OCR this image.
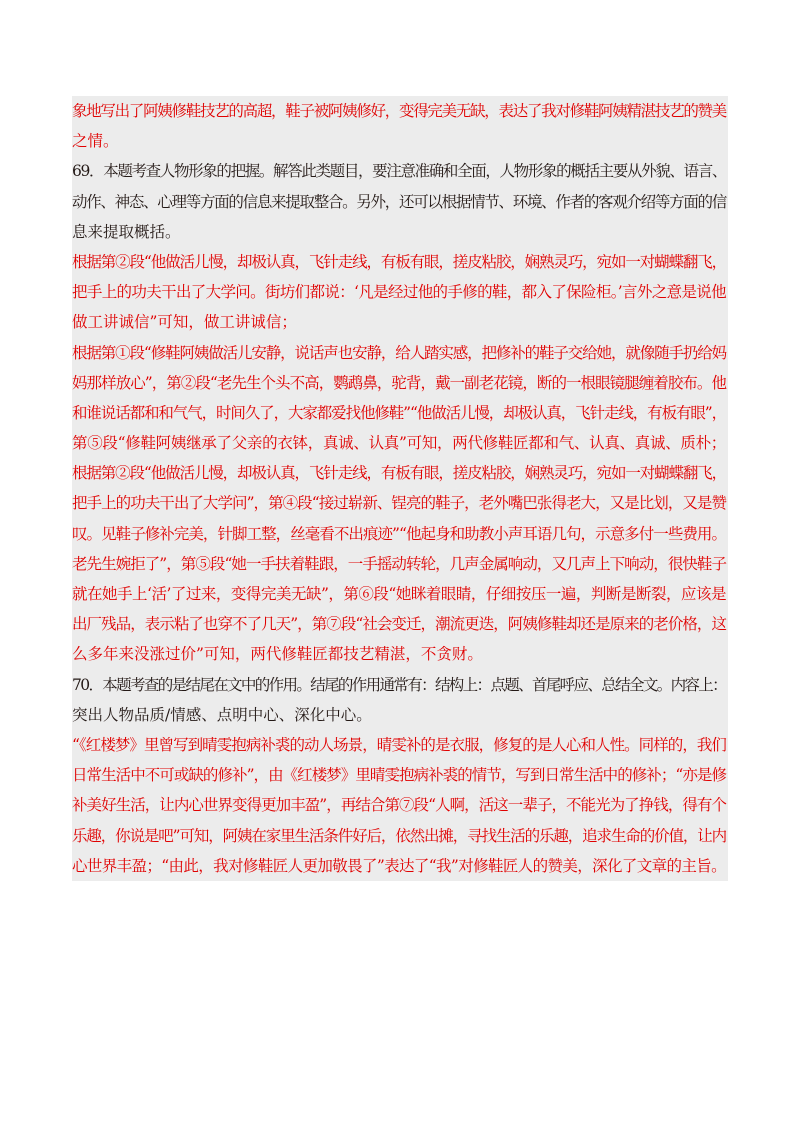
象地写出了阿姨修鞋技艺的高超，鞋子被阿姨修好，变得完美无缺，表达了我对修鞋阿姨精湛技艺的赞美
之情。
69．本题考查人物形象的把握。解答此类题目，要注意准确和全面，人物形象的概括主要从外貌、语言、
动作、神态、心理等方面的信息来提取整合。另外，还可以根据情节、环境、作者的客观介绍等方面的信
息来提取概括。
根据第②段“他做活儿慢，却极认真，飞针走线，有板有眼，搓皮粘胶，娴熟灵巧，宛如一对蝴蝶翻飞，
把手上的功夫干出了大学问。街坊们都说：‘凡是经过他的手修的鞋，都入了保险柜。’言外之意是说他
做工讲诚信”可知，做工讲诚信；
根据第①段“修鞋阿姨做活儿安静，说话声也安静，给人踏实感，把修补的鞋子交给她，就像随手扔给妈
妈那样放心”，第②段“老先生个头不高，鹦鹉鼻，驼背，戴一副老花镜，断的一根眼镜腿缠着胶布。他
和谁说话都和和气气，时间久了，大家都爱找他修鞋”“他做活儿慢，却极认真，飞针走线，有板有眼”，
第⑤段“修鞋阿姨继承了父亲的衣钵，真诚、认真”可知，两代修鞋匠都和气、认真、真诚、质朴；
根据第②段“他做活儿慢，却极认真，飞针走线，有板有眼，搓皮粘胶，娴熟灵巧，宛如一对蝴蝶翻飞，
把手上的功夫干出了大学问”，第④段“接过崭新、锃亮的鞋子，老外嘴巴张得老大，又是比划，又是赞
叹。见鞋子修补完美，针脚工整，丝毫看不出痕迹”“他起身和助教小声耳语几句，示意多付一些费用。
老先生婉拒了”，第⑤段“她一手扶着鞋跟，一手摇动转轮，几声金属响动，又几声上下响动，很快鞋子
就在她手上‘活’了过来，变得完美无缺”，第⑥段“她眯着眼睛，仔细按压一遍，判断是断裂，应该是
出厂残品，表示粘了也穿不了几天”，第⑦段“社会变迁，潮流更迭，阿姨修鞋却还是原来的老价格，这
么多年来没涨过价”可知，两代修鞋匠都技艺精湛，不贪财。
70．本题考查的是结尾在文中的作用。结尾的作用通常有：结构上：点题、首尾呼应、总结全文。内容上：
突出人物品质/情感、点明中心、深化中心。
“《红楼梦》里曾写到晴雯抱病补裘的动人场景，晴雯补的是衣服，修复的是人心和人性。同样的，我们
日常生活中不可或缺的修补”，由《红楼梦》里晴雯抱病补裘的情节，写到日常生活中的修补；“亦是修
补美好生活，让内心世界变得更加丰盈”，再结合第⑦段“人啊，活这一辈子，不能光为了挣钱，得有个
乐趣，你说是吧”可知，阿姨在家里生活条件好后，依然出摊，寻找生活的乐趣，追求生命的价值，让内
心世界丰盈；“由此，我对修鞋匠人更加敬畏了”表达了“我”对修鞋匠人的赞美，深化了文章的主旨。
